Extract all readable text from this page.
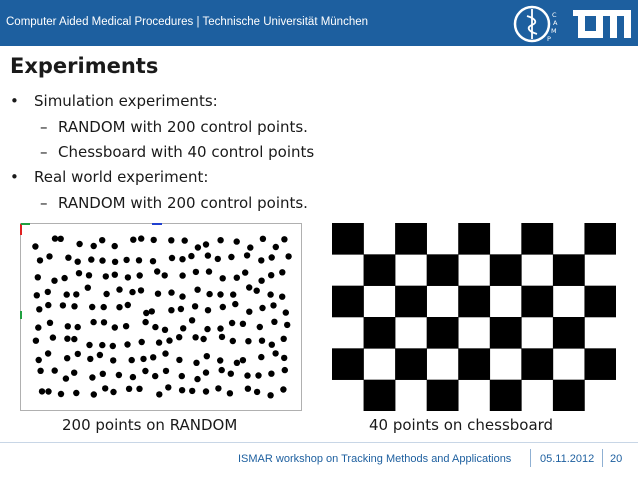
Computer Aided Medical Procedures | Technische Universität München
C
A
M
P
Experiments
• Simulation experiments:
– RANDOM with 200 control points.
– Chessboard with 40 control points
• Real world experiment:
– RANDOM with 200 control points.
200 points on RANDOM	40 points on chessboard
ISMAR workshop on Tracking Methods and Applications	05.11.2012 20
